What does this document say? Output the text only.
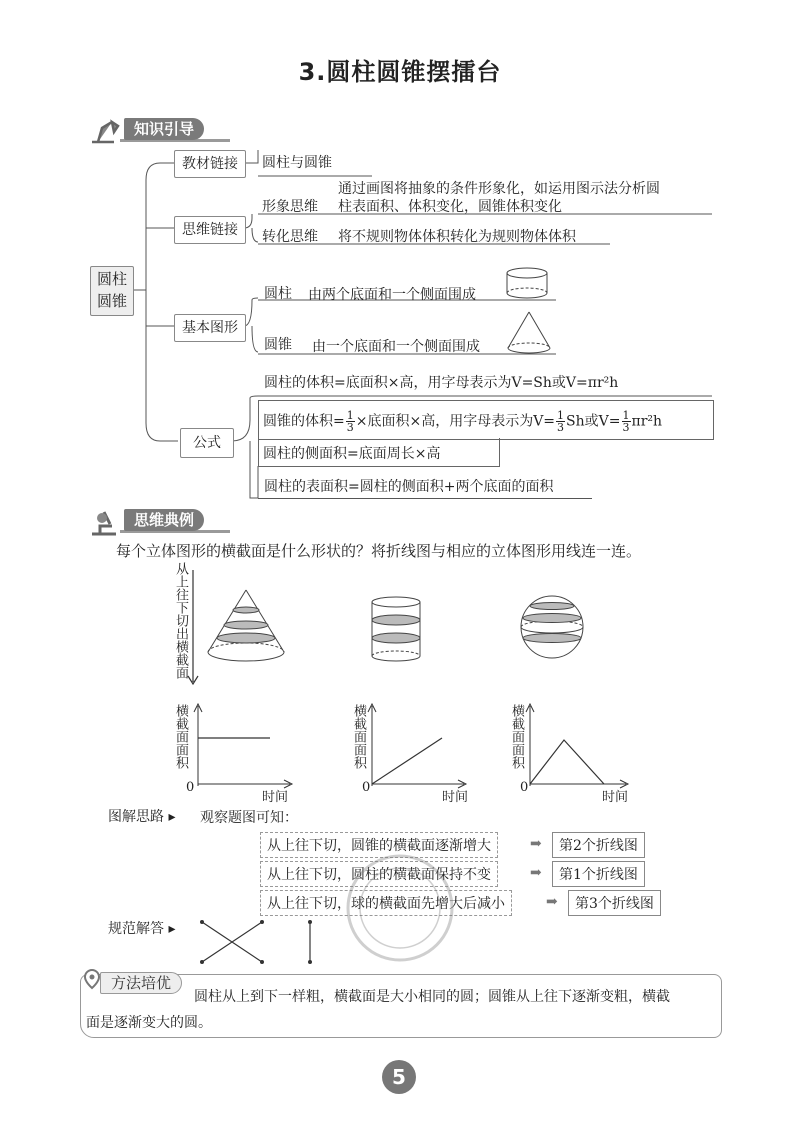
3.圆柱圆锥摆擂台
知识引导
圆柱圆锥
教材链接	圆柱与圆锥
思维链接
通过画图将抽象的条件形象化，如运用图示法分析圆
形象思维 柱表面积、体积变化，圆锥体积变化
转化思维 将不规则物体体积转化为规则物体体积
基本图形
圆柱 由两个底面和一个侧面围成
圆锥 由一个底面和一个侧面围成
公式
圆柱的体积=底面积×高，用字母表示为V=Sh或V=πr²h
圆锥的体积= $\frac{1}{3}$ ×底面积×高，用字母表示为$V= \frac{1}{3}$ Sh或$V= \frac{1}{3} \pi r^2h$
圆柱的侧面积=底面周长×高
圆柱的表面积=圆柱的侧面积+两个底面的面积
思维典例
每个立体图形的横截面是什么形状的？将折线图与相应的立体图形用线连一连。
从上往下切出横截面
横截面面积
0
时间
横截面面积
0
时间
横截面面积
0
时间
图解思路 ▸ 观察题图可知：
从上往下切，圆锥的横截面逐渐增大	➡	第2个折线图
从上往下切，圆柱的横截面保持不变	➡	第1个折线图
从上往下切，球的横截面先增大后减小	➡	第3个折线图
规范解答 ▸
方法培优
圆柱从上到下一样粗，横截面是大小相同的圆；圆锥从上往下逐渐变粗，横截
面是逐渐变大的圆。
5
